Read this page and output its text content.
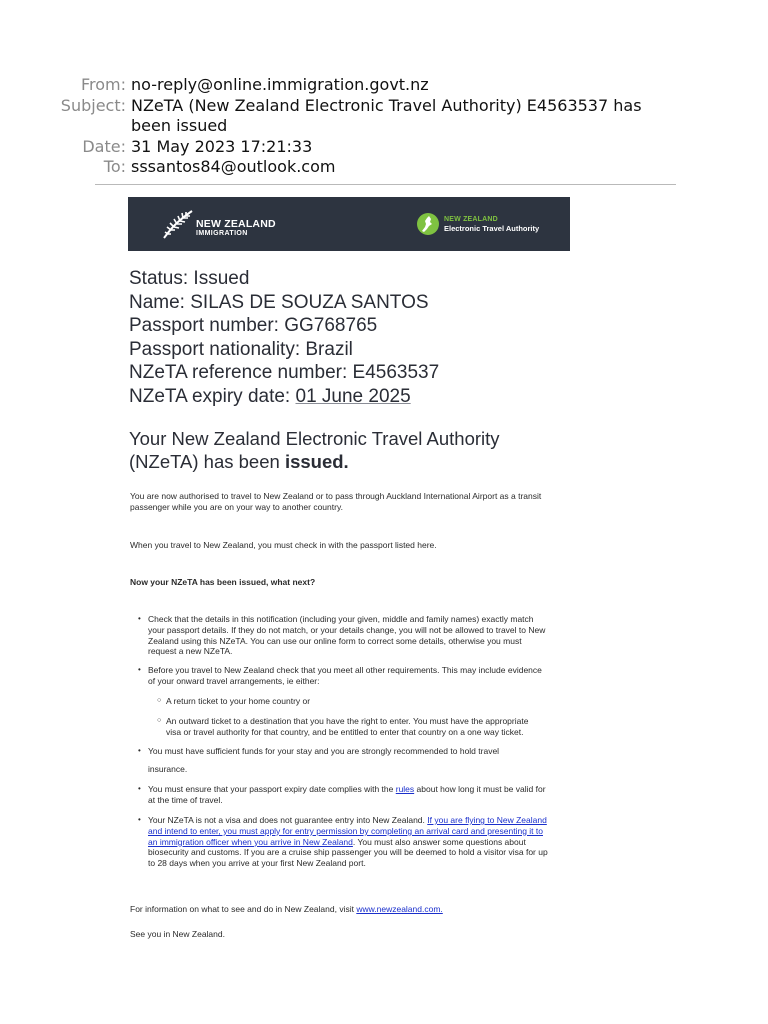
From: no-reply@online.immigration.govt.nz
Subject: NZeTA (New Zealand Electronic Travel Authority) E4563537 has been issued
Date: 31 May 2023 17:21:33
To: sssantos84@outlook.com
NEW ZEALAND
IMMIGRATION
NEW ZEALAND
Electronic Travel Authority
Status: Issued
Name: SILAS DE SOUZA SANTOS
Passport number: GG768765
Passport nationality: Brazil
NZeTA reference number: E4563537
NZeTA expiry date: 01 June 2025
Your New Zealand Electronic Travel Authority (NZeTA) has been issued.
You are now authorised to travel to New Zealand or to pass through Auckland International Airport as a transit passenger while you are on your way to another country.
When you travel to New Zealand, you must check in with the passport listed here.
Now your NZeTA has been issued, what next?
• Check that the details in this notification (including your given, middle and family names) exactly match your passport details. If they do not match, or your details change, you will not be allowed to travel to New Zealand using this NZeTA. You can use our online form to correct some details, otherwise you must request a new NZeTA.
• Before you travel to New Zealand check that you meet all other requirements. This may include evidence of your onward travel arrangements, ie either:
○ A return ticket to your home country or
○ An outward ticket to a destination that you have the right to enter. You must have the appropriate visa or travel authority for that country, and be entitled to enter that country on a one way ticket.
• You must have sufficient funds for your stay and you are strongly recommended to hold travel
insurance.
• You must ensure that your passport expiry date complies with the rules about how long it must be valid for at the time of travel.
• Your NZeTA is not a visa and does not guarantee entry into New Zealand. If you are flying to New Zealand and intend to enter, you must apply for entry permission by completing an arrival card and presenting it to an immigration officer when you arrive in New Zealand. You must also answer some questions about biosecurity and customs. If you are a cruise ship passenger you will be deemed to hold a visitor visa for up to 28 days when you arrive at your first New Zealand port.
For information on what to see and do in New Zealand, visit www.newzealand.com.
See you in New Zealand.
